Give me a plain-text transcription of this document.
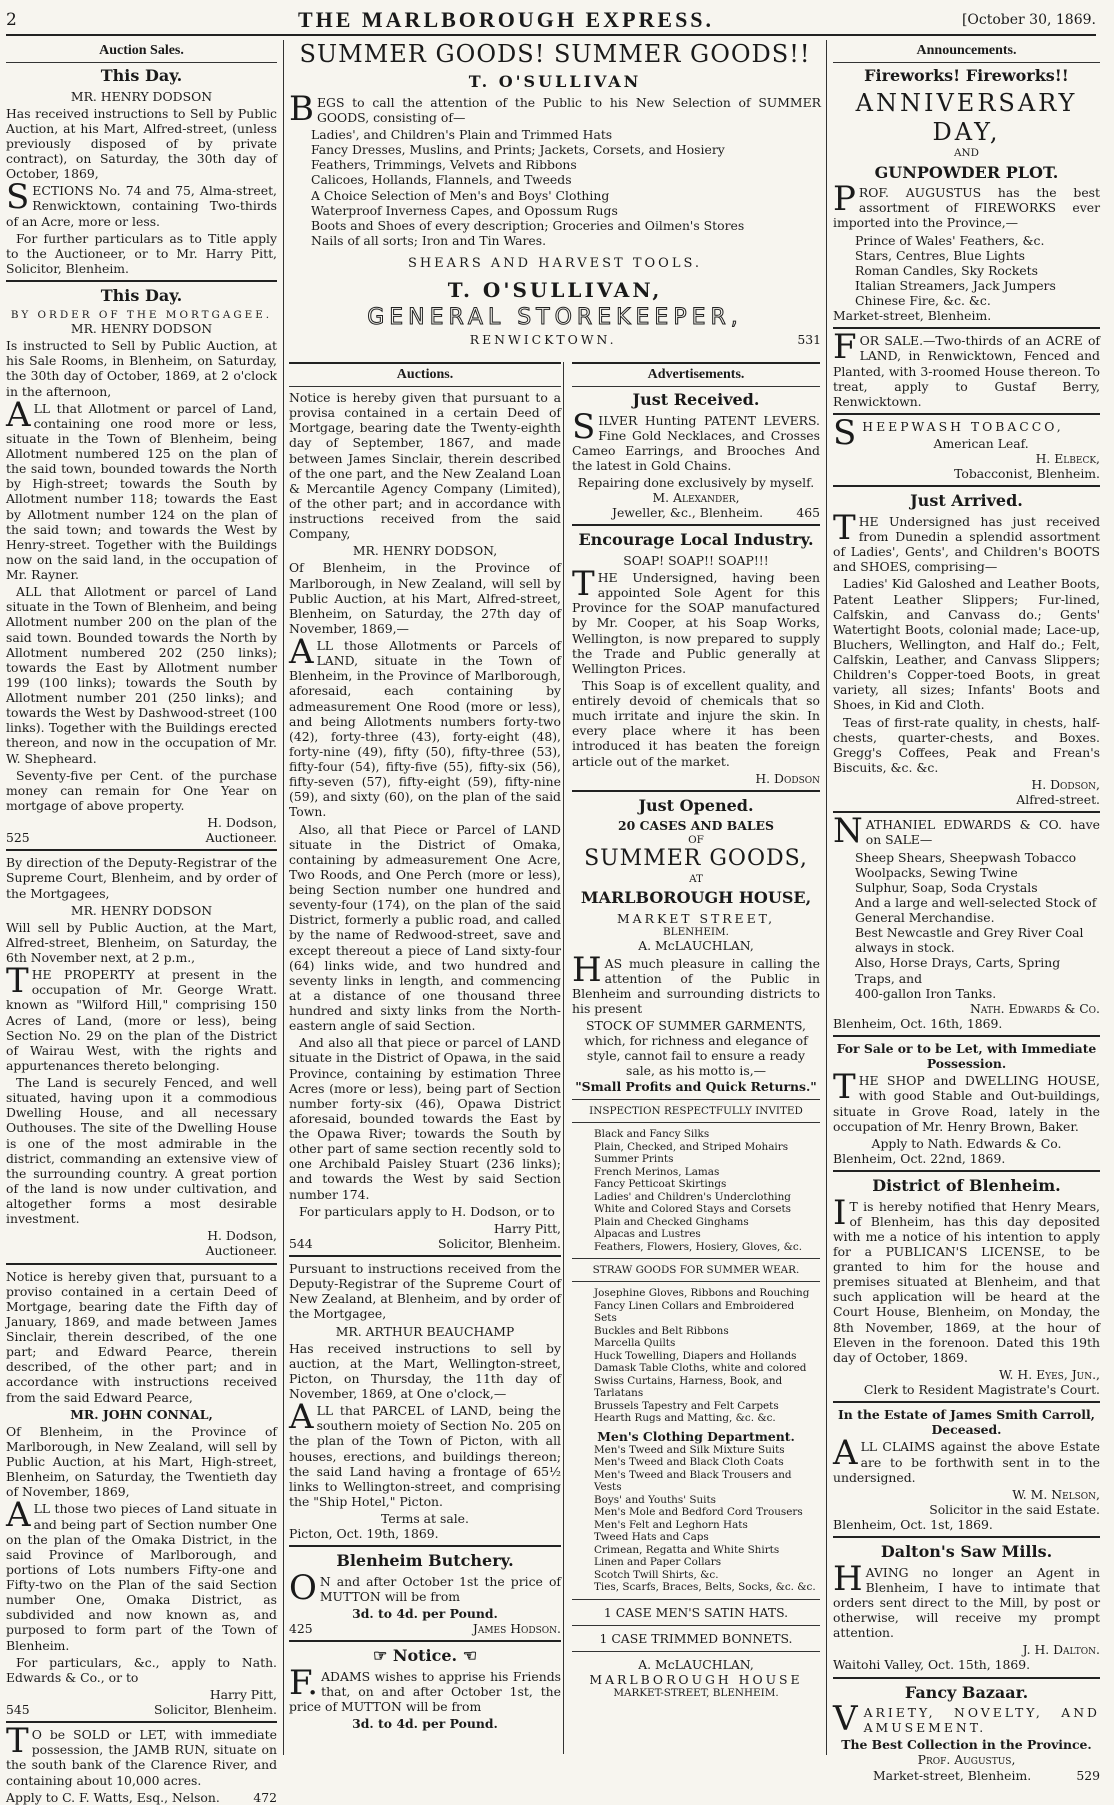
2	THE MARLBOROUGH EXPRESS.	[October 30, 1869.
Auction Sales.
This Day.
MR. HENRY DODSON
Has received instructions to Sell by Public Auction, at his Mart, Alfred-street, (unless previously disposed of by private contract), on Saturday, the 30th day of October, 1869,
SECTIONS No. 74 and 75, Alma-street, Renwicktown, containing Two-thirds of an Acre, more or less.
For further particulars as to Title apply to the Auctioneer, or to Mr. Harry Pitt, Solicitor, Blenheim.
This Day.
BY ORDER OF THE MORTGAGEE.
MR. HENRY DODSON
Is instructed to Sell by Public Auction, at his Sale Rooms, in Blenheim, on Saturday, the 30th day of October, 1869, at 2 o'clock in the afternoon,
ALL that Allotment or parcel of Land, containing one rood more or less, situate in the Town of Blenheim, being Allotment numbered 125 on the plan of the said town, bounded towards the North by High-street; towards the South by Allotment number 118; towards the East by Allotment number 124 on the plan of the said town; and towards the West by Henry-street. Together with the Buildings now on the said land, in the occupation of Mr. Rayner.
ALL that Allotment or parcel of Land situate in the Town of Blenheim, and being Allotment number 200 on the plan of the said town. Bounded towards the North by Allotment numbered 202 (250 links); towards the East by Allotment number 199 (100 links); towards the South by Allotment number 201 (250 links); and towards the West by Dashwood-street (100 links). Together with the Buildings erected thereon, and now in the occupation of Mr. W. Shepheard.
Seventy-five per Cent. of the purchase money can remain for One Year on mortgage of above property.
H. Dodson,
525	Auctioneer.
By direction of the Deputy-Registrar of the Supreme Court, Blenheim, and by order of the Mortgagees,
MR. HENRY DODSON
Will sell by Public Auction, at the Mart, Alfred-street, Blenheim, on Saturday, the 6th November next, at 2 p.m.,
THE PROPERTY at present in the occupation of Mr. George Wratt. known as "Wilford Hill," comprising 150 Acres of Land, (more or less), being Section No. 29 on the plan of the District of Wairau West, with the rights and appurtenances thereto belonging.
The Land is securely Fenced, and well situated, having upon it a commodious Dwelling House, and all necessary Outhouses. The site of the Dwelling House is one of the most admirable in the district, commanding an extensive view of the surrounding country. A great portion of the land is now under cultivation, and altogether forms a most desirable investment.
H. Dodson,
Auctioneer.
Notice is hereby given that, pursuant to a proviso contained in a certain Deed of Mortgage, bearing date the Fifth day of January, 1869, and made between James Sinclair, therein described, of the one part; and Edward Pearce, therein described, of the other part; and in accordance with instructions received from the said Edward Pearce,
MR. JOHN CONNAL,
Of Blenheim, in the Province of Marlborough, in New Zealand, will sell by Public Auction, at his Mart, High-street, Blenheim, on Saturday, the Twentieth day of November, 1869,
ALL those two pieces of Land situate in and being part of Section number One on the plan of the Omaka District, in the said Province of Marlborough, and portions of Lots numbers Fifty-one and Fifty-two on the Plan of the said Section number One, Omaka District, as subdivided and now known as, and purposed to form part of the Town of Blenheim.
For particulars, &c., apply to Nath. Edwards & Co., or to
Harry Pitt,
545	Solicitor, Blenheim.
TO be SOLD or LET, with immediate possession, the JAMB RUN, situate on the south bank of the Clarence River, and containing about 10,000 acres.
Apply to C. F. Watts, Esq., Nelson.	472
SUMMER GOODS! SUMMER GOODS!!
T. O'SULLIVAN
BEGS to call the attention of the Public to his New Selection of SUMMER GOODS, consisting of—
Ladies', and Children's Plain and Trimmed Hats
Fancy Dresses, Muslins, and Prints; Jackets, Corsets, and Hosiery
Feathers, Trimmings, Velvets and Ribbons
Calicoes, Hollands, Flannels, and Tweeds
A Choice Selection of Men's and Boys' Clothing
Waterproof Inverness Capes, and Opossum Rugs
Boots and Shoes of every description; Groceries and Oilmen's Stores
Nails of all sorts; Iron and Tin Wares.
SHEARS AND HARVEST TOOLS.
T. O'SULLIVAN,
GENERAL STOREKEEPER,
RENWICKTOWN.	531
Auctions.
Notice is hereby given that pursuant to a provisa contained in a certain Deed of Mortgage, bearing date the Twenty-eighth day of September, 1867, and made between James Sinclair, therein described of the one part, and the New Zealand Loan & Mercantile Agency Company (Limited), of the other part; and in accordance with instructions received from the said Company,
MR. HENRY DODSON,
Of Blenheim, in the Province of Marlborough, in New Zealand, will sell by Public Auction, at his Mart, Alfred-street, Blenheim, on Saturday, the 27th day of November, 1869,—
ALL those Allotments or Parcels of LAND, situate in the Town of Blenheim, in the Province of Marlborough, aforesaid, each containing by admeasurement One Rood (more or less), and being Allotments numbers forty-two (42), forty-three (43), forty-eight (48), forty-nine (49), fifty (50), fifty-three (53), fifty-four (54), fifty-five (55), fifty-six (56), fifty-seven (57), fifty-eight (59), fifty-nine (59), and sixty (60), on the plan of the said Town.
Also, all that Piece or Parcel of LAND situate in the District of Omaka, containing by admeasurement One Acre, Two Roods, and One Perch (more or less), being Section number one hundred and seventy-four (174), on the plan of the said District, formerly a public road, and called by the name of Redwood-street, save and except thereout a piece of Land sixty-four (64) links wide, and two hundred and seventy links in length, and commencing at a distance of one thousand three hundred and sixty links from the North-eastern angle of said Section.
And also all that piece or parcel of LAND situate in the District of Opawa, in the said Province, containing by estimation Three Acres (more or less), being part of Section number forty-six (46), Opawa District aforesaid, bounded towards the East by the Opawa River; towards the South by other part of same section recently sold to one Archibald Paisley Stuart (236 links); and towards the West by said Section number 174.
For particulars apply to H. Dodson, or to
Harry Pitt,
544	Solicitor, Blenheim.
Pursuant to instructions received from the Deputy-Registrar of the Supreme Court of New Zealand, at Blenheim, and by order of the Mortgagee,
MR. ARTHUR BEAUCHAMP
Has received instructions to sell by auction, at the Mart, Wellington-street, Picton, on Thursday, the 11th day of November, 1869, at One o'clock,—
ALL that PARCEL of LAND, being the southern moiety of Section No. 205 on the plan of the Town of Picton, with all houses, erections, and buildings thereon; the said Land having a frontage of 65½ links to Wellington-street, and comprising the "Ship Hotel," Picton.
Terms at sale.
Picton, Oct. 19th, 1869.
Blenheim Butchery.
ON and after October 1st the price of MUTTON will be from
3d. to 4d. per Pound.
425	James Hodson.
☞ Notice. ☜
F.ADAMS wishes to apprise his Friends that, on and after October 1st, the price of MUTTON will be from
3d. to 4d. per Pound.
Advertisements.
Just Received.
SILVER Hunting PATENT LEVERS. Fine Gold Necklaces, and Crosses Cameo Earrings, and Brooches And the latest in Gold Chains.
Repairing done exclusively by myself.
M. Alexander,
Jeweller, &c., Blenheim.	465
Encourage Local Industry.
SOAP! SOAP!! SOAP!!!
THE Undersigned, having been appointed Sole Agent for this Province for the SOAP manufactured by Mr. Cooper, at his Soap Works, Wellington, is now prepared to supply the Trade and Public generally at Wellington Prices.
This Soap is of excellent quality, and entirely devoid of chemicals that so much irritate and injure the skin. In every place where it has been introduced it has beaten the foreign article out of the market.
H. Dodson
Just Opened.
20 CASES AND BALES
OF
SUMMER GOODS,
AT
MARLBOROUGH HOUSE,
MARKET STREET,
BLENHEIM.
A. McLAUCHLAN,
HAS much pleasure in calling the attention of the Public in Blenheim and surrounding districts to his present
STOCK OF SUMMER GARMENTS,
which, for richness and elegance of style, cannot fail to ensure a ready sale, as his motto is,—
"Small Profits and Quick Returns."
INSPECTION RESPECTFULLY INVITED
Black and Fancy Silks
Plain, Checked, and Striped Mohairs
Summer Prints
French Merinos, Lamas
Fancy Petticoat Skirtings
Ladies' and Children's Underclothing
White and Colored Stays and Corsets
Plain and Checked Ginghams
Alpacas and Lustres
Feathers, Flowers, Hosiery, Gloves, &c.
STRAW GOODS FOR SUMMER WEAR.
Josephine Gloves, Ribbons and Rouching
Fancy Linen Collars and Embroidered Sets
Buckles and Belt Ribbons
Marcella Quilts
Huck Towelling, Diapers and Hollands
Damask Table Cloths, white and colored
Swiss Curtains, Harness, Book, and Tarlatans
Brussels Tapestry and Felt Carpets
Hearth Rugs and Matting, &c. &c.
Men's Clothing Department.
Men's Tweed and Silk Mixture Suits
Men's Tweed and Black Cloth Coats
Men's Tweed and Black Trousers and Vests
Boys' and Youths' Suits
Men's Mole and Bedford Cord Trousers
Men's Felt and Leghorn Hats
Tweed Hats and Caps
Crimean, Regatta and White Shirts
Linen and Paper Collars
Scotch Twill Shirts, &c.
Ties, Scarfs, Braces, Belts, Socks, &c. &c.
1 CASE MEN'S SATIN HATS.
1 CASE TRIMMED BONNETS.
A. McLAUCHLAN,
MARLBOROUGH HOUSE
MARKET-STREET, BLENHEIM.
Announcements.
Fireworks! Fireworks!!
ANNIVERSARY DAY,
AND
GUNPOWDER PLOT.
PROF. AUGUSTUS has the best assortment of FIREWORKS ever imported into the Province,—
Prince of Wales' Feathers, &c.
Stars, Centres, Blue Lights
Roman Candles, Sky Rockets
Italian Streamers, Jack Jumpers
Chinese Fire, &c. &c.
Market-street, Blenheim.
FOR SALE.—Two-thirds of an ACRE of LAND, in Renwicktown, Fenced and Planted, with 3-roomed House thereon. To treat, apply to Gustaf Berry, Renwicktown.
SHEEPWASH TOBACCO,
American Leaf.
H. Elbeck,
Tobacconist, Blenheim.
Just Arrived.
THE Undersigned has just received from Dunedin a splendid assortment of Ladies', Gents', and Children's BOOTS and SHOES, comprising—
Ladies' Kid Galoshed and Leather Boots, Patent Leather Slippers; Fur-lined, Calfskin, and Canvass do.; Gents' Watertight Boots, colonial made; Lace-up, Bluchers, Wellington, and Half do.; Felt, Calfskin, Leather, and Canvass Slippers; Children's Copper-toed Boots, in great variety, all sizes; Infants' Boots and Shoes, in Kid and Cloth.
Teas of first-rate quality, in chests, half-chests, quarter-chests, and Boxes. Gregg's Coffees, Peak and Frean's Biscuits, &c. &c.
H. Dodson,
Alfred-street.
NATHANIEL EDWARDS & CO. have on SALE—
Sheep Shears, Sheepwash Tobacco
Woolpacks, Sewing Twine
Sulphur, Soap, Soda Crystals
And a large and well-selected Stock of General Merchandise.
Best Newcastle and Grey River Coal always in stock.
Also, Horse Drays, Carts, Spring Traps, and
400-gallon Iron Tanks.
Nath. Edwards & Co.
Blenheim, Oct. 16th, 1869.
For Sale or to be Let, with Immediate Possession.
THE SHOP and DWELLING HOUSE, with good Stable and Out-buildings, situate in Grove Road, lately in the occupation of Mr. Henry Brown, Baker.
Apply to Nath. Edwards & Co.
Blenheim, Oct. 22nd, 1869.
District of Blenheim.
IT is hereby notified that Henry Mears, of Blenheim, has this day deposited with me a notice of his intention to apply for a PUBLICAN'S LICENSE, to be granted to him for the house and premises situated at Blenheim, and that such application will be heard at the Court House, Blenheim, on Monday, the 8th November, 1869, at the hour of Eleven in the forenoon. Dated this 19th day of October, 1869.
W. H. Eyes, Jun.,
Clerk to Resident Magistrate's Court.
In the Estate of James Smith Carroll, Deceased.
ALL CLAIMS against the above Estate are to be forthwith sent in to the undersigned.
W. M. Nelson,
Solicitor in the said Estate.
Blenheim, Oct. 1st, 1869.
Dalton's Saw Mills.
HAVING no longer an Agent in Blenheim, I have to intimate that orders sent direct to the Mill, by post or otherwise, will receive my prompt attention.
J. H. Dalton.
Waitohi Valley, Oct. 15th, 1869.
Fancy Bazaar.
VARIETY, NOVELTY, AND AMUSEMENT.
The Best Collection in the Province.
Prof. Augustus,
Market-street, Blenheim.	529
